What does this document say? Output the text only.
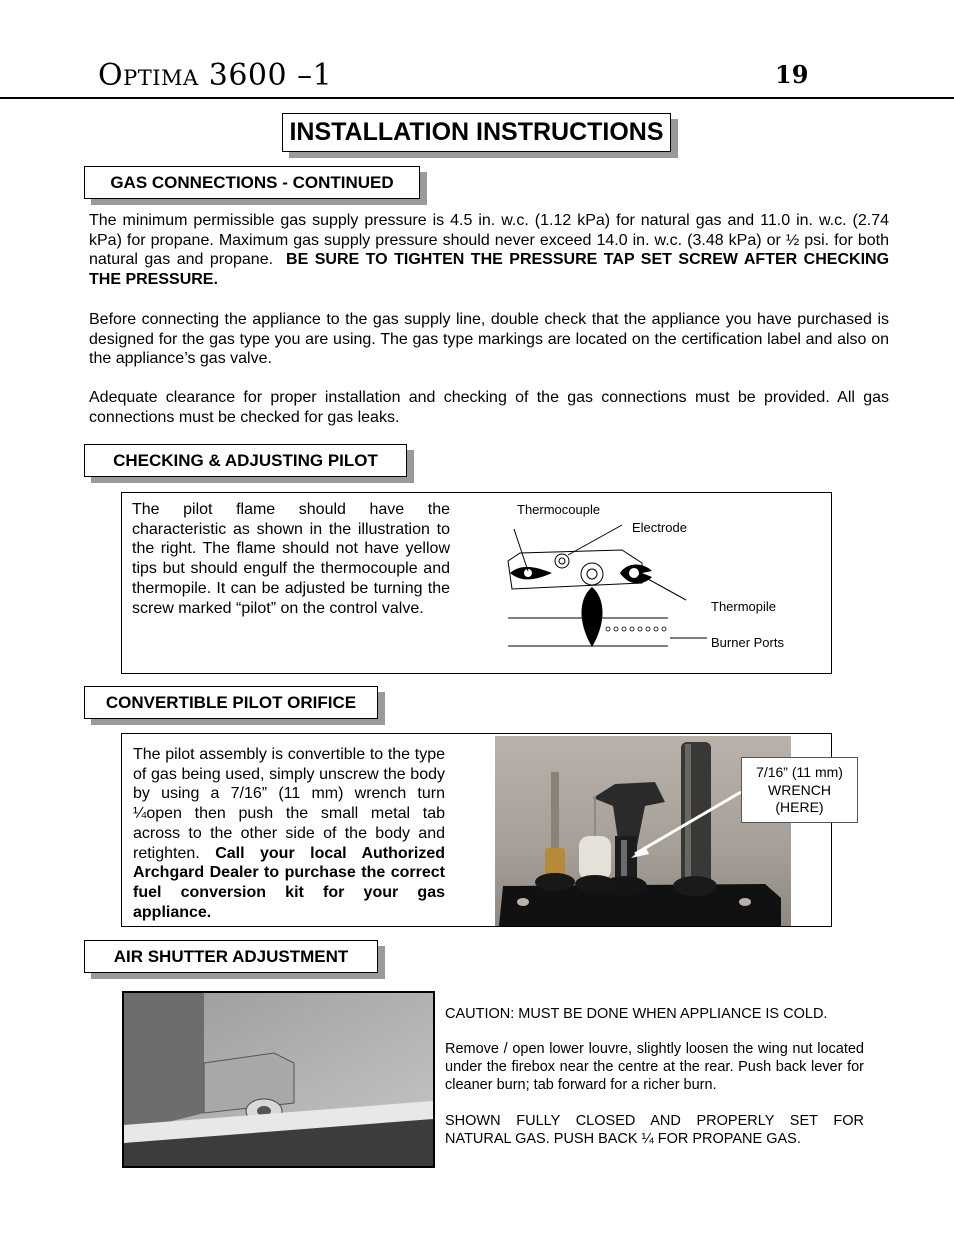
Optima 3600 –1	19
INSTALLATION INSTRUCTIONS
GAS CONNECTIONS - CONTINUED
The minimum permissible gas supply pressure is 4.5 in. w.c. (1.12 kPa) for natural gas and 11.0 in. w.c. (2.74 kPa) for propane. Maximum gas supply pressure should never exceed 14.0 in. w.c. (3.48 kPa) or ½ psi. for both natural gas and propane. BE SURE TO TIGHTEN THE PRESSURE TAP SET SCREW AFTER CHECKING THE PRESSURE.
Before connecting the appliance to the gas supply line, double check that the appliance you have purchased is designed for the gas type you are using. The gas type markings are located on the certification label and also on the appliance’s gas valve.
Adequate clearance for proper installation and checking of the gas connections must be provided. All gas connections must be checked for gas leaks.
CHECKING & ADJUSTING PILOT
The pilot flame should have the characteristic as shown in the illustration to the right. The flame should not have yellow tips but should engulf the thermocouple and thermopile. It can be adjusted be turning the screw marked “pilot” on the control valve.
Thermocouple
Electrode
Thermopile
Burner Ports
CONVERTIBLE PILOT ORIFICE
The pilot assembly is convertible to the type of gas being used, simply unscrew the body by using a 7/16” (11 mm) wrench turn ¼open then push the small metal tab across to the other side of the body and retighten. Call your local Authorized Archgard Dealer to purchase the correct fuel conversion kit for your gas appliance.
7/16” (11 mm)
WRENCH
(HERE)
AIR SHUTTER ADJUSTMENT
CAUTION: MUST BE DONE WHEN APPLIANCE IS COLD.
Remove / open lower louvre, slightly loosen the wing nut located under the firebox near the centre at the rear. Push back lever for cleaner burn; tab forward for a richer burn.
SHOWN FULLY CLOSED AND PROPERLY SET FOR NATURAL GAS. PUSH BACK ¼ FOR PROPANE GAS.
